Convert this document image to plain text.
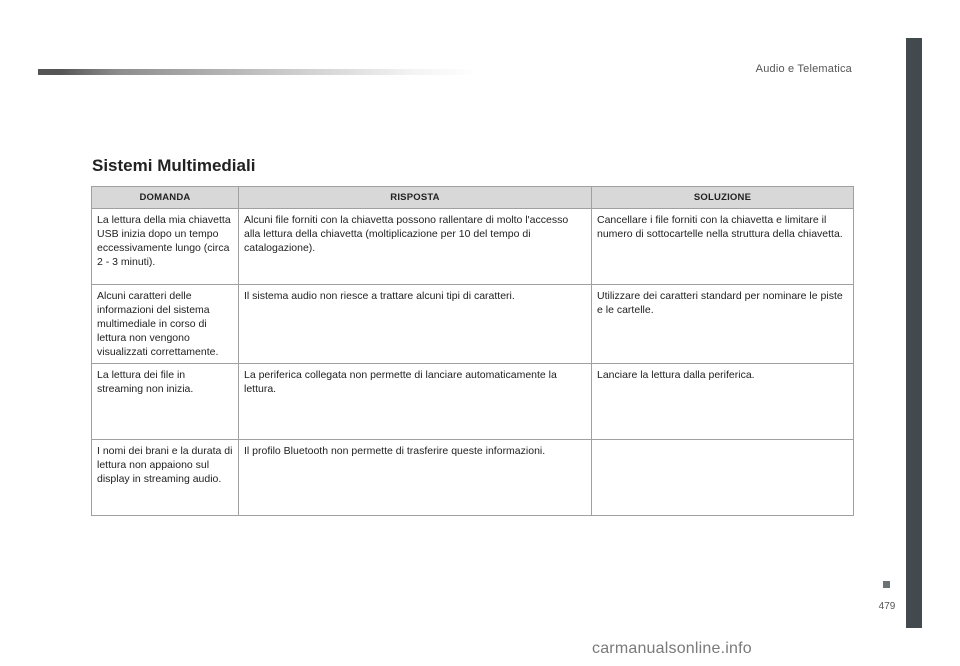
Audio e Telematica
479
Sistemi Multimediali
DOMANDA	RISPOSTA	SOLUZIONE
La lettura della mia chiavetta USB inizia dopo un tempo eccessivamente lungo (circa 2 - 3 minuti).	Alcuni file forniti con la chiavetta possono rallentare di molto l'accesso alla lettura della chiavetta (moltiplicazione per 10 del tempo di catalogazione).	Cancellare i file forniti con la chiavetta e limitare il numero di sottocartelle nella struttura della chiavetta.
Alcuni caratteri delle informazioni del sistema multimediale in corso di lettura non vengono visualizzati correttamente.	Il sistema audio non riesce a trattare alcuni tipi di caratteri.	Utilizzare dei caratteri standard per nominare le piste e le cartelle.
La lettura dei file in streaming non inizia.	La periferica collegata non permette di lanciare automaticamente la lettura.	Lanciare la lettura dalla periferica.
I nomi dei brani e la durata di lettura non appaiono sul display in streaming audio.	Il profilo Bluetooth non permette di trasferire queste informazioni.	
carmanualsonline.info
